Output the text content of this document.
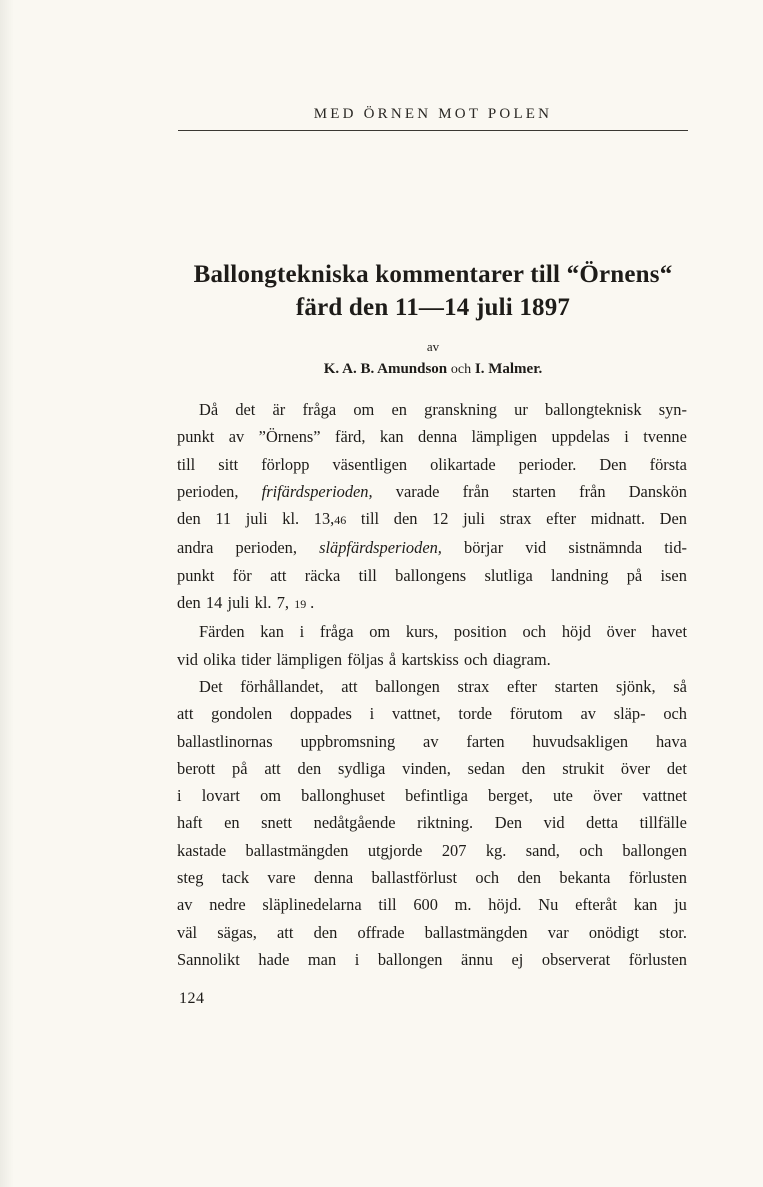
MED ÖRNEN MOT POLEN
Ballongtekniska kommentarer till “Örnens“
färd den 11—14 juli 1897
av
K. A. B. Amundson och I. Malmer.
Då det är fråga om en granskning ur ballongteknisk syn-
punkt av ”Örnens” färd, kan denna lämpligen uppdelas i tvenne
till sitt förlopp väsentligen olikartade perioder. Den första
perioden, frifärdsperioden, varade från starten från Danskön
den 11 juli kl. 13,46 till den 12 juli strax efter midnatt. Den
andra perioden, släpfärdsperioden, börjar vid sistnämnda tid-
punkt för att räcka till ballongens slutliga landning på isen
den 14 juli kl. 7, 19 .
Färden kan i fråga om kurs, position och höjd över havet
vid olika tider lämpligen följas å kartskiss och diagram.
Det förhållandet, att ballongen strax efter starten sjönk, så
att gondolen doppades i vattnet, torde förutom av släp- och
ballastlinornas uppbromsning av farten huvudsakligen hava
berott på att den sydliga vinden, sedan den strukit över det
i lovart om ballonghuset befintliga berget, ute över vattnet
haft en snett nedåtgående riktning. Den vid detta tillfälle
kastade ballastmängden utgjorde 207 kg. sand, och ballongen
steg tack vare denna ballastförlust och den bekanta förlusten
av nedre släplinedelarna till 600 m. höjd. Nu efteråt kan ju
väl sägas, att den offrade ballastmängden var onödigt stor.
Sannolikt hade man i ballongen ännu ej observerat förlusten
124
